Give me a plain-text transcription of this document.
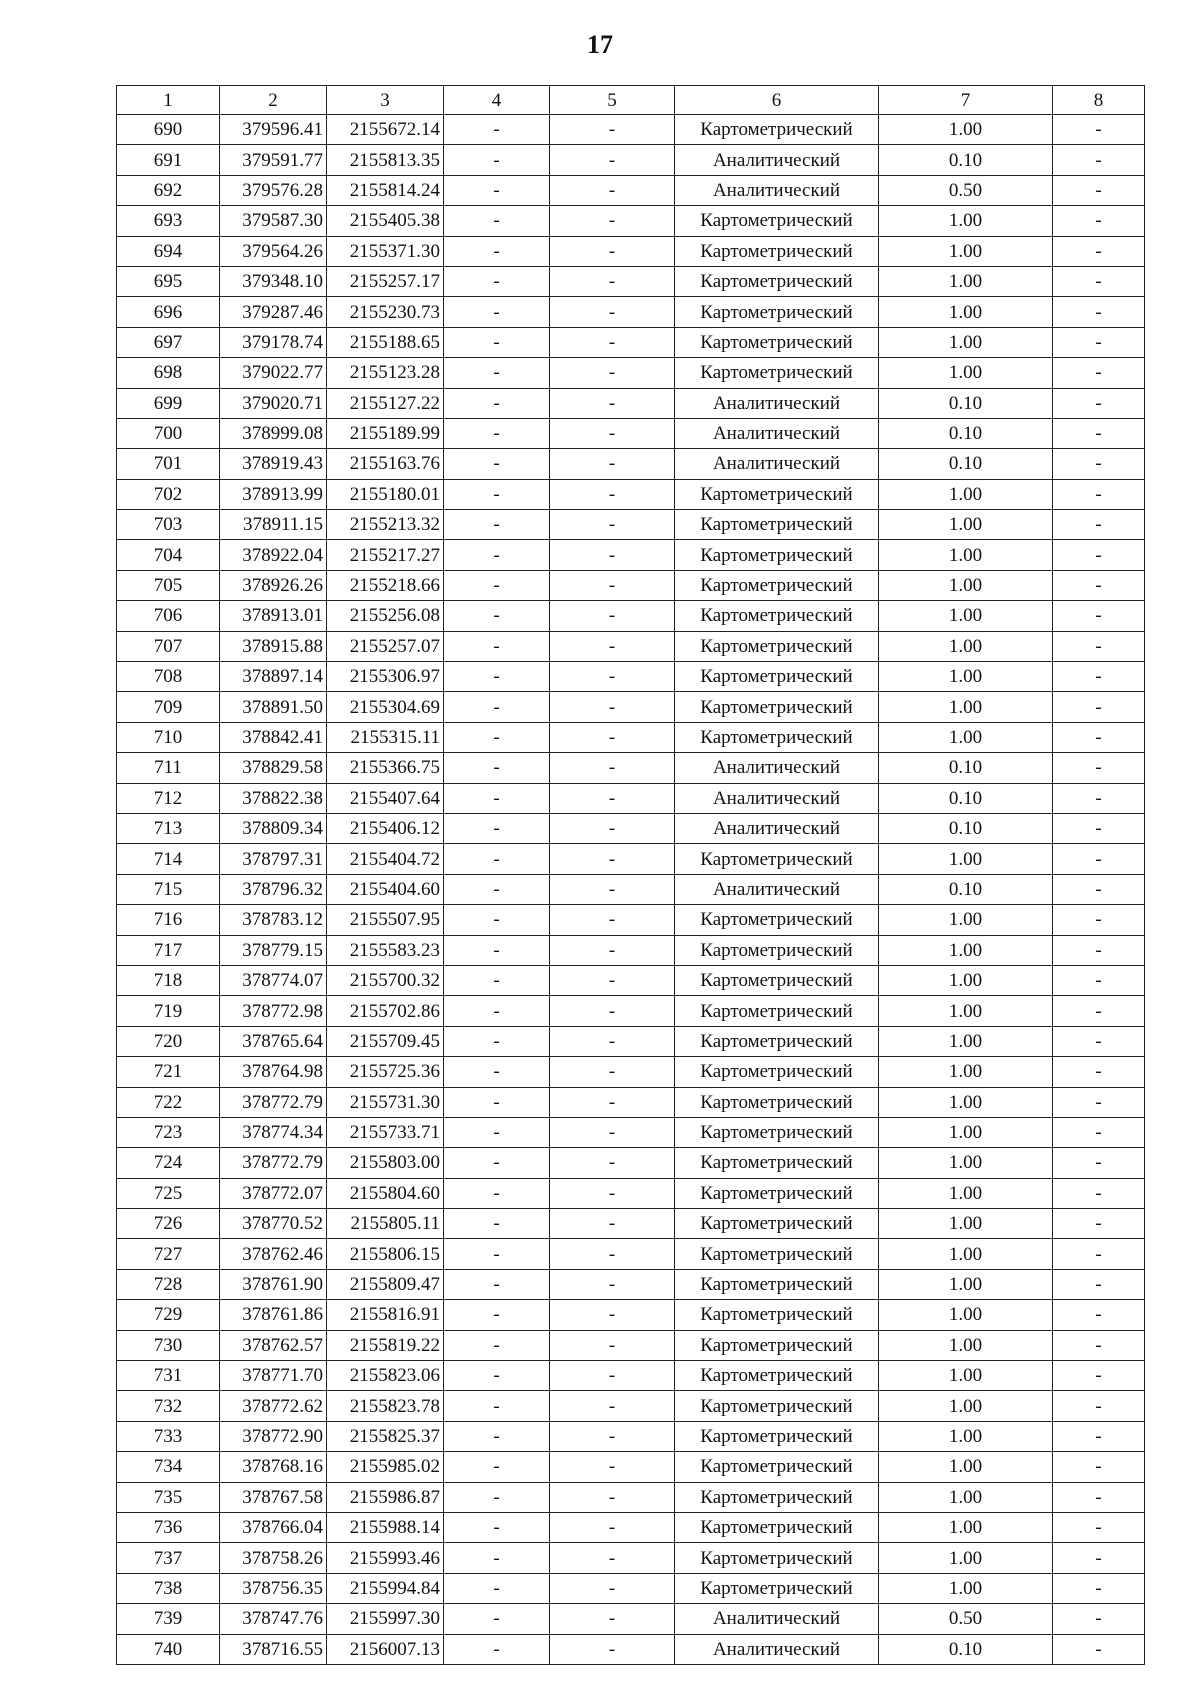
17
1	2	3	4	5	6	7	8
690	379596.41	2155672.14	-	-	Картометрический	1.00	-
691	379591.77	2155813.35	-	-	Аналитический	0.10	-
692	379576.28	2155814.24	-	-	Аналитический	0.50	-
693	379587.30	2155405.38	-	-	Картометрический	1.00	-
694	379564.26	2155371.30	-	-	Картометрический	1.00	-
695	379348.10	2155257.17	-	-	Картометрический	1.00	-
696	379287.46	2155230.73	-	-	Картометрический	1.00	-
697	379178.74	2155188.65	-	-	Картометрический	1.00	-
698	379022.77	2155123.28	-	-	Картометрический	1.00	-
699	379020.71	2155127.22	-	-	Аналитический	0.10	-
700	378999.08	2155189.99	-	-	Аналитический	0.10	-
701	378919.43	2155163.76	-	-	Аналитический	0.10	-
702	378913.99	2155180.01	-	-	Картометрический	1.00	-
703	378911.15	2155213.32	-	-	Картометрический	1.00	-
704	378922.04	2155217.27	-	-	Картометрический	1.00	-
705	378926.26	2155218.66	-	-	Картометрический	1.00	-
706	378913.01	2155256.08	-	-	Картометрический	1.00	-
707	378915.88	2155257.07	-	-	Картометрический	1.00	-
708	378897.14	2155306.97	-	-	Картометрический	1.00	-
709	378891.50	2155304.69	-	-	Картометрический	1.00	-
710	378842.41	2155315.11	-	-	Картометрический	1.00	-
711	378829.58	2155366.75	-	-	Аналитический	0.10	-
712	378822.38	2155407.64	-	-	Аналитический	0.10	-
713	378809.34	2155406.12	-	-	Аналитический	0.10	-
714	378797.31	2155404.72	-	-	Картометрический	1.00	-
715	378796.32	2155404.60	-	-	Аналитический	0.10	-
716	378783.12	2155507.95	-	-	Картометрический	1.00	-
717	378779.15	2155583.23	-	-	Картометрический	1.00	-
718	378774.07	2155700.32	-	-	Картометрический	1.00	-
719	378772.98	2155702.86	-	-	Картометрический	1.00	-
720	378765.64	2155709.45	-	-	Картометрический	1.00	-
721	378764.98	2155725.36	-	-	Картометрический	1.00	-
722	378772.79	2155731.30	-	-	Картометрический	1.00	-
723	378774.34	2155733.71	-	-	Картометрический	1.00	-
724	378772.79	2155803.00	-	-	Картометрический	1.00	-
725	378772.07	2155804.60	-	-	Картометрический	1.00	-
726	378770.52	2155805.11	-	-	Картометрический	1.00	-
727	378762.46	2155806.15	-	-	Картометрический	1.00	-
728	378761.90	2155809.47	-	-	Картометрический	1.00	-
729	378761.86	2155816.91	-	-	Картометрический	1.00	-
730	378762.57	2155819.22	-	-	Картометрический	1.00	-
731	378771.70	2155823.06	-	-	Картометрический	1.00	-
732	378772.62	2155823.78	-	-	Картометрический	1.00	-
733	378772.90	2155825.37	-	-	Картометрический	1.00	-
734	378768.16	2155985.02	-	-	Картометрический	1.00	-
735	378767.58	2155986.87	-	-	Картометрический	1.00	-
736	378766.04	2155988.14	-	-	Картометрический	1.00	-
737	378758.26	2155993.46	-	-	Картометрический	1.00	-
738	378756.35	2155994.84	-	-	Картометрический	1.00	-
739	378747.76	2155997.30	-	-	Аналитический	0.50	-
740	378716.55	2156007.13	-	-	Аналитический	0.10	-
